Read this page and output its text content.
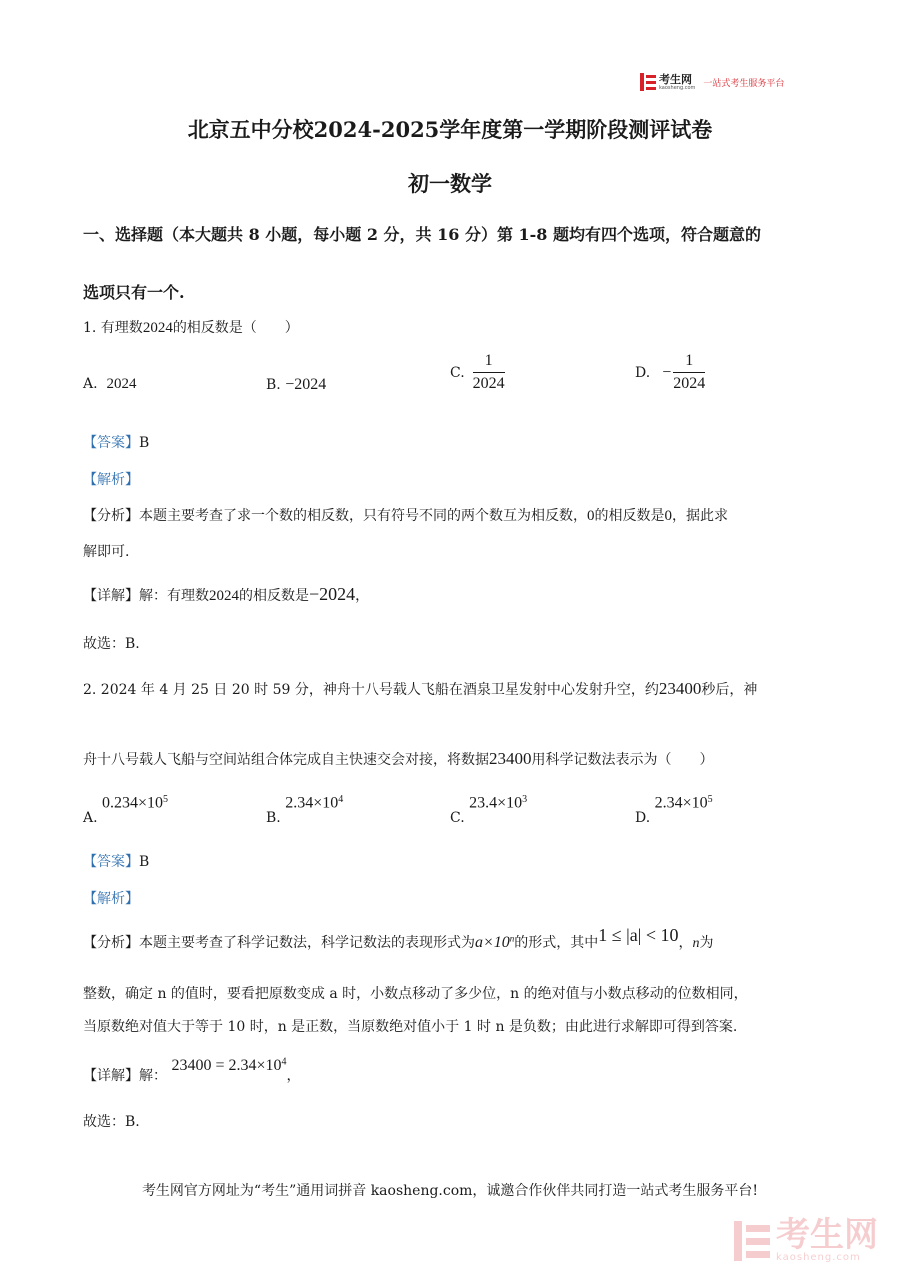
考生网
kaosheng.com 一站式考生服务平台
北京五中分校2024-2025学年度第一学期阶段测评试卷
初一数学
一、选择题（本大题共 8 小题，每小题 2 分，共 16 分）第 1-8 题均有四个选项，符合题意的
选项只有一个.
1. 有理数2024的相反数是（　　）
A. 2024	B. −2024
C. $\frac{1}{2024}$	D. − $\frac{1}{2024}$
【答案】B
【解析】
【分析】本题主要考查了求一个数的相反数，只有符号不同的两个数互为相反数，0的相反数是0，据此求
解即可.
【详解】解：有理数2024的相反数是−2024，
故选：B.
2. 2024 年 4 月 25 日 20 时 59 分，神舟十八号载人飞船在酒泉卫星发射中心发射升空，约23400秒后，神
舟十八号载人飞船与空间站组合体完成自主快速交会对接，将数据23400用科学记数法表示为（　　）
A. $0.234\times 10^5$
B. $2.34\times 10^4$
C. $23.4\times 10^3$
D. $2.34\times 10^5$
【答案】B
【解析】
【分析】本题主要考查了科学记数法，科学记数法的表现形式为$a\times 10^n$的形式，其中1 ≤ |a| < 10，n为
整数，确定 n 的值时，要看把原数变成 a 时，小数点移动了多少位，n 的绝对值与小数点移动的位数相同，
当原数绝对值大于等于 10 时，n 是正数，当原数绝对值小于 1 时 n 是负数；由此进行求解即可得到答案.
【详解】解： $23400 = 2.34\times 10^4$，
故选：B.
考生网官方网址为“考生”通用词拼音 kaosheng.com，诚邀合作伙伴共同打造一站式考生服务平台!
考生网
kaosheng.com
